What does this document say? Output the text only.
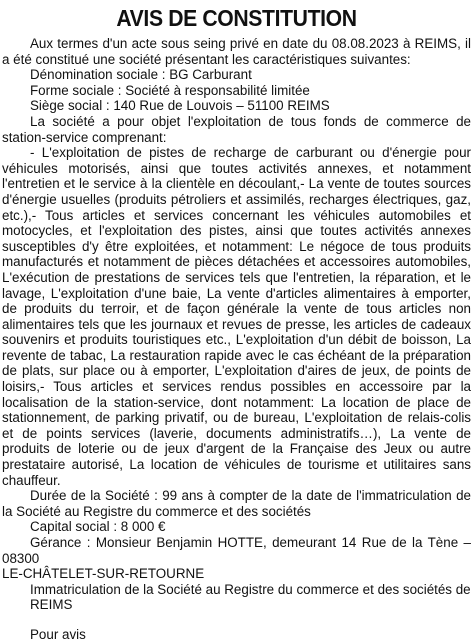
AVIS DE CONSTITUTION

Aux termes d'un acte sous seing privé en date du 08.08.2023 à REIMS, il a été constitué une société présentant les caractéristiques suivantes:

Dénomination sociale : BG Carburant

Forme sociale : Société à responsabilité limitée

Siège social : 140 Rue de Louvois – 51100 REIMS

La société a pour objet l'exploitation de tous fonds de commerce de station-service comprenant:

- L'exploitation de pistes de recharge de carburant ou d'énergie pour véhicules motorisés, ainsi que toutes activités annexes, et notamment l'entretien et le service à la clientèle en découlant,- La vente de toutes sources d'énergie usuelles (produits pétroliers et assimilés, recharges électriques, gaz, etc.),- Tous articles et services concernant les véhicules automobiles et motocycles, et l'exploitation des pistes, ainsi que toutes activités annexes susceptibles d'y être exploitées, et notamment: Le négoce de tous produits manufacturés et notamment de pièces détachées et accessoires automobiles, L'exécution de prestations de services tels que l'entretien, la réparation, et le lavage, L'exploitation d'une baie, La vente d'articles alimentaires à emporter, de produits du terroir, et de façon générale la vente de tous articles non alimentaires tels que les journaux et revues de presse, les articles de cadeaux souvenirs et produits touristiques etc., L'exploitation d'un débit de boisson, La revente de tabac, La restauration rapide avec le cas échéant de la préparation de plats, sur place ou à emporter, L'exploitation d'aires de jeux, de points de loisirs,- Tous articles et services rendus possibles en accessoire par la localisation de la station-service, dont notamment: La location de place de stationnement, de parking privatif, ou de bureau, L'exploitation de relais-colis et de points services (laverie, documents administratifs…), La vente de produits de loterie ou de jeux d'argent de la Française des Jeux ou autre prestataire autorisé, La location de véhicules de tourisme et utilitaires sans chauffeur.

Durée de la Société : 99 ans à compter de la date de l'immatriculation de la Société au Registre du commerce et des sociétés

Capital social : 8 000 €

Gérance : Monsieur Benjamin HOTTE, demeurant 14 Rue de la Tène – 08300

LE-CHÂTELET-SUR-RETOURNE

Immatriculation de la Société au Registre du commerce et des sociétés de REIMS

Pour avis
